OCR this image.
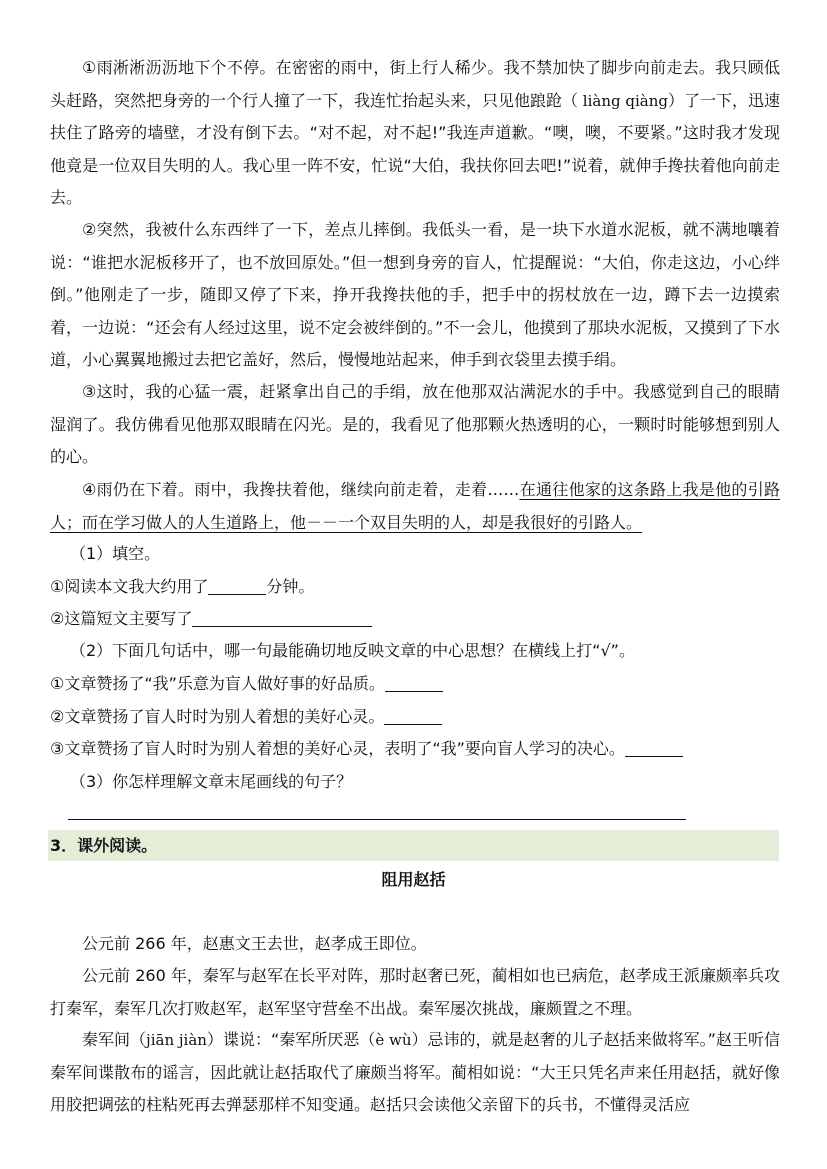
①雨淅淅沥沥地下个不停。在密密的雨中，街上行人稀少。我不禁加快了脚步向前走去。我只顾低头赶路，突然把身旁的一个行人撞了一下，我连忙抬起头来，只见他踉跄（ liàng qiàng）了一下，迅速扶住了路旁的墙壁，才没有倒下去。“对不起，对不起!”我连声道歉。“噢，噢，不要紧。”这时我才发现他竟是一位双目失明的人。我心里一阵不安，忙说“大伯，我扶你回去吧!”说着，就伸手搀扶着他向前走去。

②突然，我被什么东西绊了一下，差点儿摔倒。我低头一看，是一块下水道水泥板，就不满地嚷着说：“谁把水泥板移开了，也不放回原处。”但一想到身旁的盲人，忙提醒说：“大伯，你走这边，小心绊倒。”他刚走了一步，随即又停了下来，挣开我搀扶他的手，把手中的拐杖放在一边，蹲下去一边摸索着，一边说：“还会有人经过这里，说不定会被绊倒的。”不一会儿，他摸到了那块水泥板，又摸到了下水道，小心翼翼地搬过去把它盖好，然后，慢慢地站起来，伸手到衣袋里去摸手绢。

③这时，我的心猛一震，赶紧拿出自己的手绢，放在他那双沾满泥水的手中。我感觉到自己的眼睛湿润了。我仿佛看见他那双眼睛在闪光。是的，我看见了他那颗火热透明的心，一颗时时能够想到别人的心。

④雨仍在下着。雨中，我搀扶着他，继续向前走着，走着……在通往他家的这条路上我是他的引路人；而在学习做人的人生道路上，他－－一个双目失明的人，却是我很好的引路人。

（1）填空。

①阅读本文我大约用了	分钟。

②这篇短文主要写了

（2）下面几句话中，哪一句最能确切地反映文章的中心思想？在横线上打“√”。

①文章赞扬了“我”乐意为盲人做好事的好品质。

②文章赞扬了盲人时时为别人着想的美好心灵。

③文章赞扬了盲人时时为别人着想的美好心灵，表明了“我”要向盲人学习的决心。

（3）你怎样理解文章末尾画线的句子？

3．课外阅读。
阻用赵括

公元前 266 年，赵惠文王去世，赵孝成王即位。

公元前 260 年，秦军与赵军在长平对阵，那时赵奢已死，蔺相如也已病危，赵孝成王派廉颇率兵攻打秦军，秦军几次打败赵军，赵军坚守营垒不出战。秦军屡次挑战，廉颇置之不理。

秦军间（jiān jiàn）谍说：“秦军所厌恶（è wù）忌讳的，就是赵奢的儿子赵括来做将军。”赵王听信秦军间谍散布的谣言，因此就让赵括取代了廉颇当将军。蔺相如说：“大王只凭名声来任用赵括，就好像用胶把调弦的柱粘死再去弹瑟那样不知变通。赵括只会读他父亲留下的兵书，不懂得灵活应
